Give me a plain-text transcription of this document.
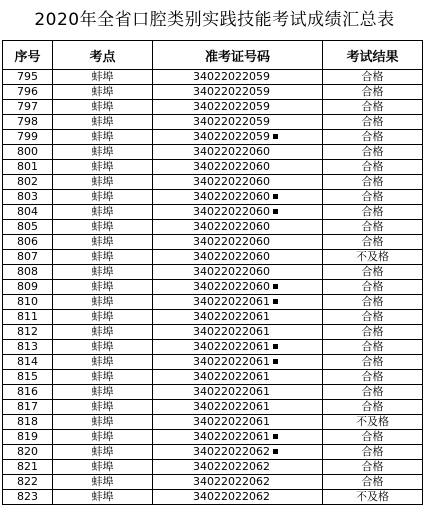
2020年全省口腔类别实践技能考试成绩汇总表
序号	考点	准考证号码	考试结果
795	蚌埠	34022022059	合格
796	蚌埠	34022022059	合格
797	蚌埠	34022022059	合格
798	蚌埠	34022022059	合格
799	蚌埠	34022022059	合格
800	蚌埠	34022022060	合格
801	蚌埠	34022022060	合格
802	蚌埠	34022022060	合格
803	蚌埠	34022022060	合格
804	蚌埠	34022022060	合格
805	蚌埠	34022022060	合格
806	蚌埠	34022022060	合格
807	蚌埠	34022022060	不及格
808	蚌埠	34022022060	合格
809	蚌埠	34022022060	合格
810	蚌埠	34022022061	合格
811	蚌埠	34022022061	合格
812	蚌埠	34022022061	合格
813	蚌埠	34022022061	合格
814	蚌埠	34022022061	合格
815	蚌埠	34022022061	合格
816	蚌埠	34022022061	合格
817	蚌埠	34022022061	合格
818	蚌埠	34022022061	不及格
819	蚌埠	34022022061	合格
820	蚌埠	34022022062	合格
821	蚌埠	34022022062	合格
822	蚌埠	34022022062	合格
823	蚌埠	34022022062	不及格
